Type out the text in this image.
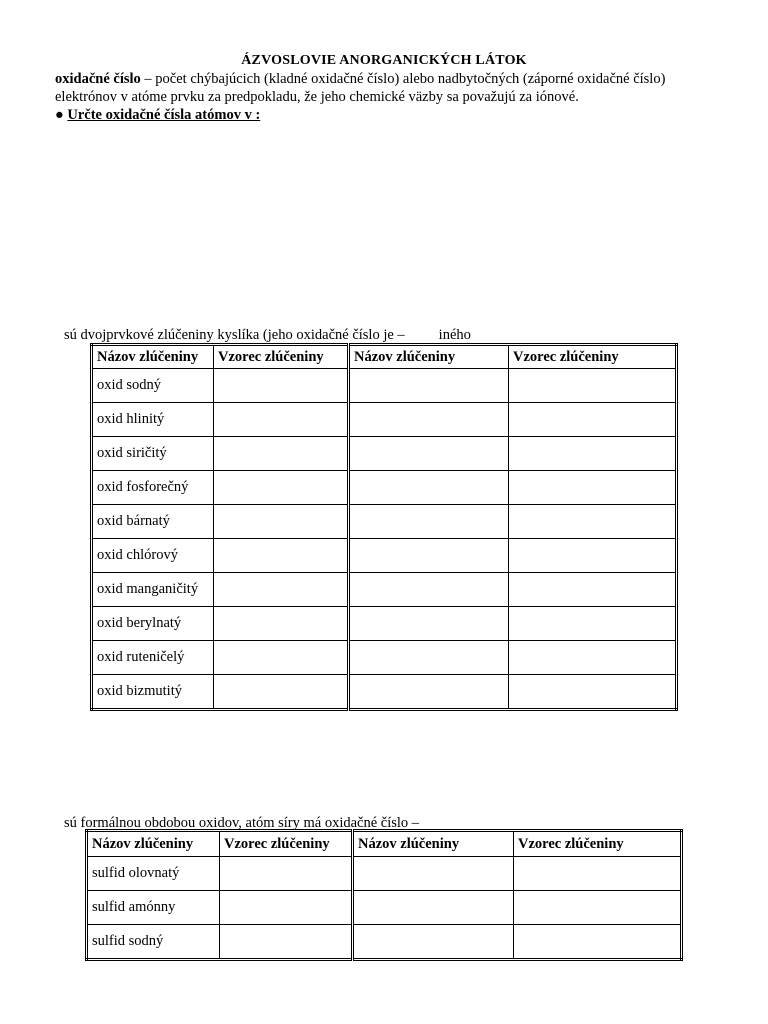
ÁZVOSLOVIE ANORGANICKÝCH LÁTOK
oxidačné číslo – počet chýbajúcich (kladné oxidačné číslo) alebo nadbytočných (záporné oxidačné číslo)
elektrónov v atóme prvku za predpokladu, že jeho chemické väzby sa považujú za iónové.
● Určte oxidačné čísla atómov v :
sú dvojprvkové zlúčeniny kyslíka (jeho oxidačné číslo je – iného
Názov zlúčeniny	Vzorec zlúčeniny	Názov zlúčeniny	Vzorec zlúčeniny
oxid sodný			
oxid hlinitý			
oxid siričitý			
oxid fosforečný			
oxid bárnatý			
oxid chlórový			
oxid manganičitý			
oxid berylnatý			
oxid ruteničelý			
oxid bizmutitý			
sú formálnou obdobou oxidov, atóm síry má oxidačné číslo –
Názov zlúčeniny	Vzorec zlúčeniny	Názov zlúčeniny	Vzorec zlúčeniny
sulfid olovnatý			
sulfid amónny			
sulfid sodný			
